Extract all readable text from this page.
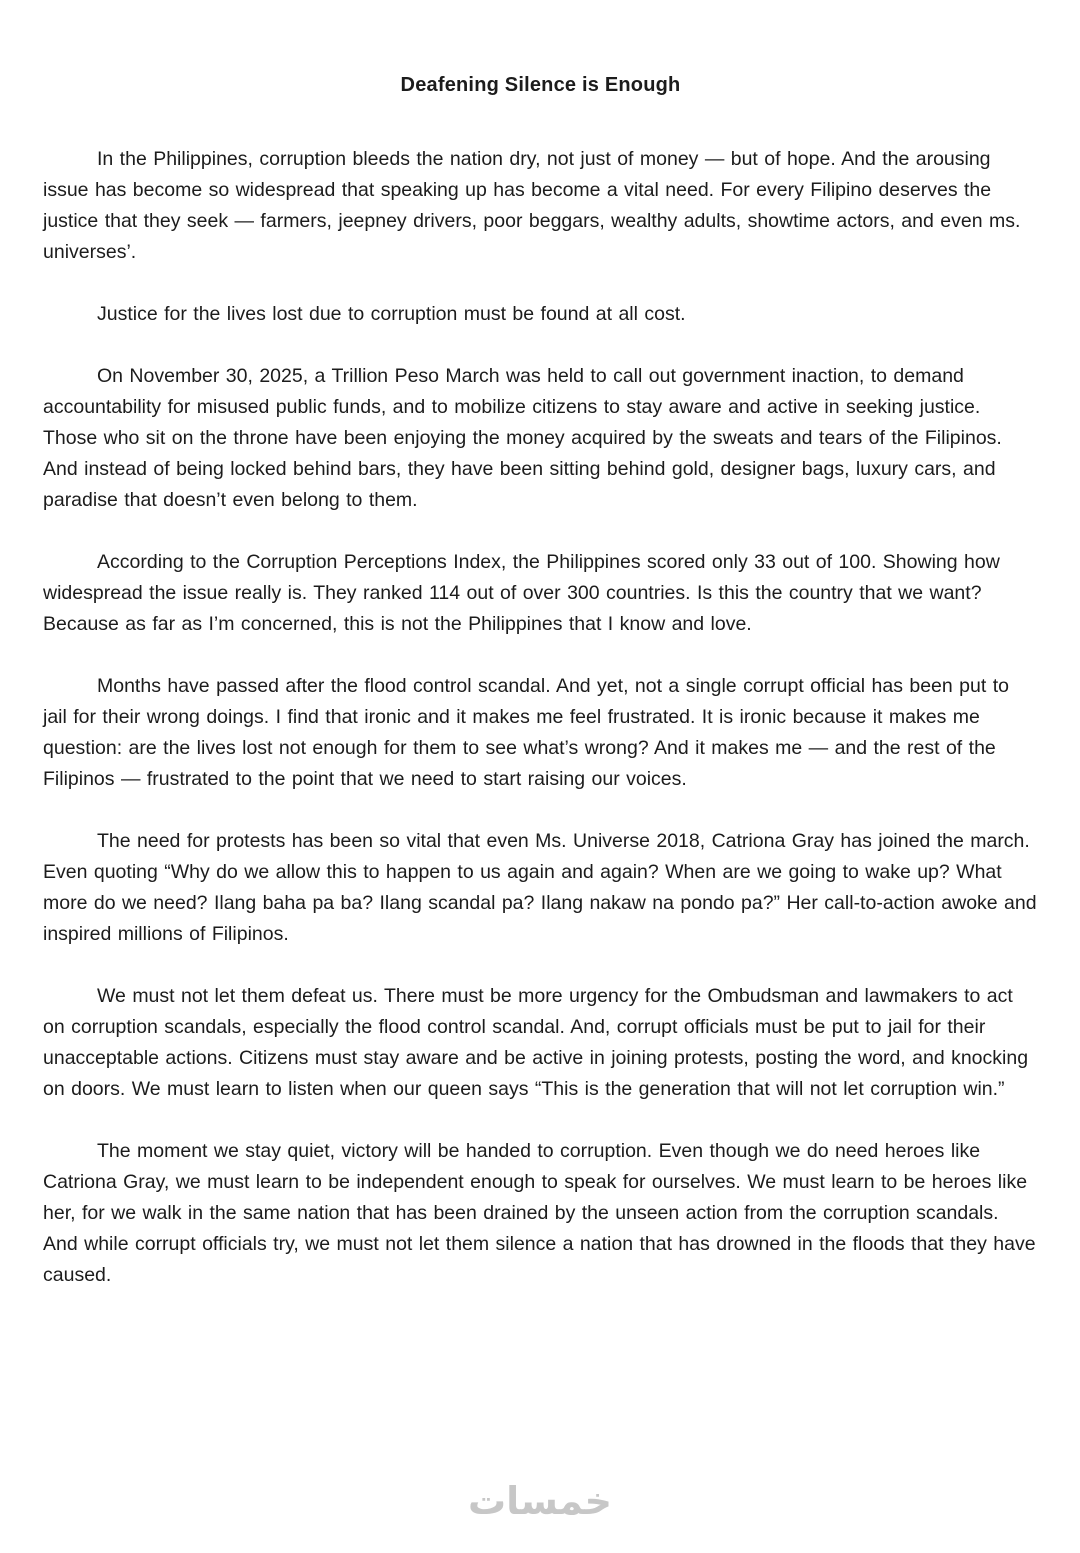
Deafening Silence is Enough

In the Philippines, corruption bleeds the nation dry, not just of money — but of hope. And the arousing issue has become so widespread that speaking up has become a vital need. For every Filipino deserves the justice that they seek — farmers, jeepney drivers, poor beggars, wealthy adults, showtime actors, and even ms. universes’.

Justice for the lives lost due to corruption must be found at all cost.

On November 30, 2025, a Trillion Peso March was held to call out government inaction, to demand accountability for misused public funds, and to mobilize citizens to stay aware and active in seeking justice. Those who sit on the throne have been enjoying the money acquired by the sweats and tears of the Filipinos. And instead of being locked behind bars, they have been sitting behind gold, designer bags, luxury cars, and paradise that doesn’t even belong to them.

According to the Corruption Perceptions Index, the Philippines scored only 33 out of 100. Showing how widespread the issue really is. They ranked 114 out of over 300 countries. Is this the country that we want? Because as far as I’m concerned, this is not the Philippines that I know and love.

Months have passed after the flood control scandal. And yet, not a single corrupt official has been put to jail for their wrong doings. I find that ironic and it makes me feel frustrated. It is ironic because it makes me question: are the lives lost not enough for them to see what’s wrong? And it makes me — and the rest of the Filipinos — frustrated to the point that we need to start raising our voices.

The need for protests has been so vital that even Ms. Universe 2018, Catriona Gray has joined the march. Even quoting “Why do we allow this to happen to us again and again? When are we going to wake up? What more do we need? Ilang baha pa ba? Ilang scandal pa? Ilang nakaw na pondo pa?” Her call-to-action awoke and inspired millions of Filipinos.

We must not let them defeat us. There must be more urgency for the Ombudsman and lawmakers to act on corruption scandals, especially the flood control scandal. And, corrupt officials must be put to jail for their unacceptable actions. Citizens must stay aware and be active in joining protests, posting the word, and knocking on doors. We must learn to listen when our queen says “This is the generation that will not let corruption win.”

The moment we stay quiet, victory will be handed to corruption. Even though we do need heroes like Catriona Gray, we must learn to be independent enough to speak for ourselves. We must learn to be heroes like her, for we walk in the same nation that has been drained by the unseen action from the corruption scandals. And while corrupt officials try, we must not let them silence a nation that has drowned in the floods that they have caused.

خمسات
